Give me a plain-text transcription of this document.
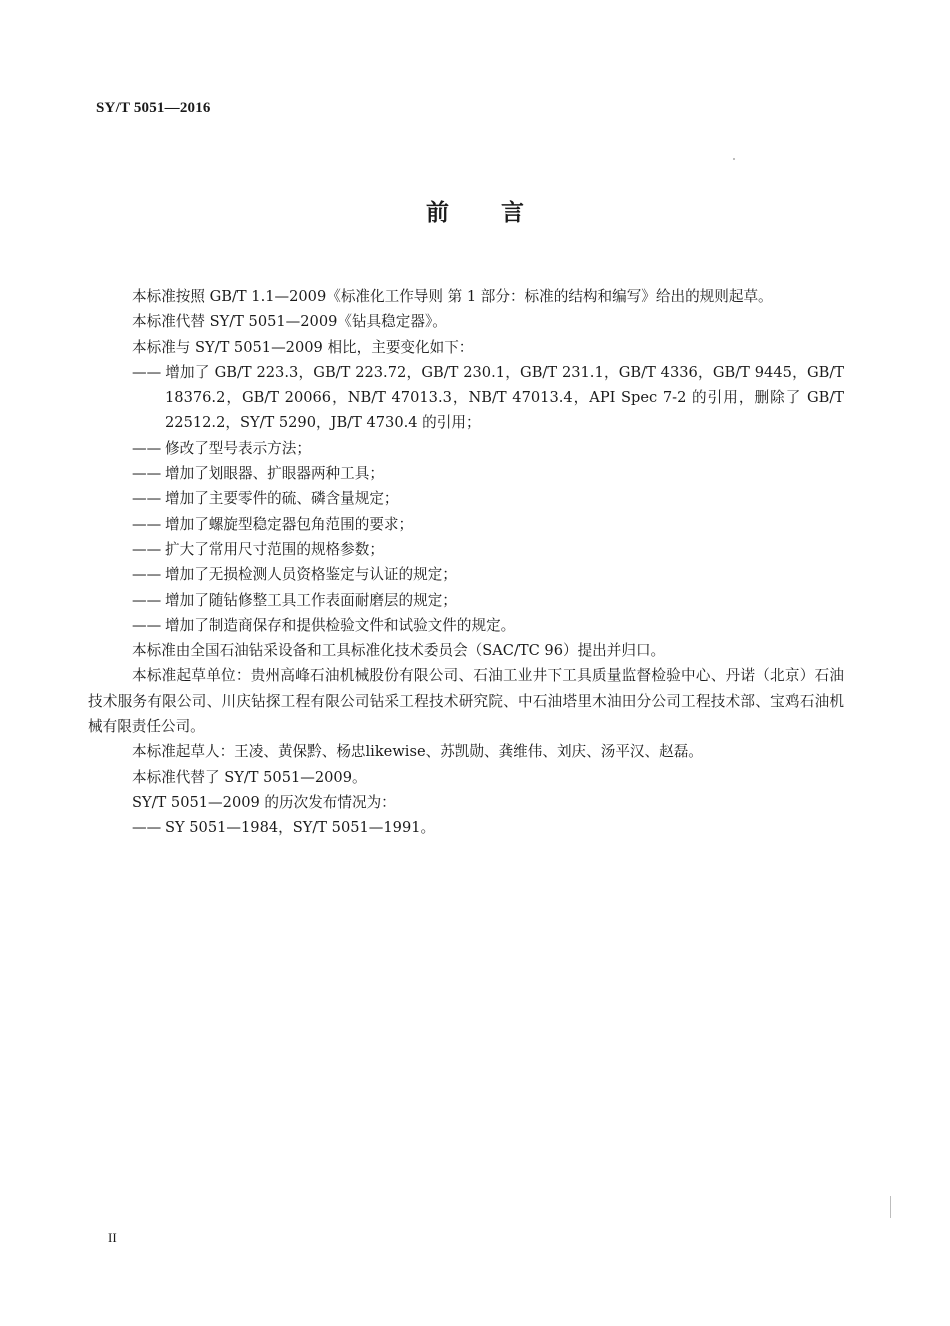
SY/T 5051—2016
前言

本标准按照 GB/T 1.1—2009《标准化工作导则 第 1 部分：标准的结构和编写》给出的规则起草。

本标准代替 SY/T 5051—2009《钻具稳定器》。

本标准与 SY/T 5051—2009 相比，主要变化如下：

—— 增加了 GB/T 223.3，GB/T 223.72，GB/T 230.1，GB/T 231.1，GB/T 4336，GB/T 9445，GB/T 18376.2，GB/T 20066，NB/T 47013.3，NB/T 47013.4，API Spec 7-2 的引用，删除了 GB/T 22512.2，SY/T 5290，JB/T 4730.4 的引用；

—— 修改了型号表示方法；

—— 增加了划眼器、扩眼器两种工具；

—— 增加了主要零件的硫、磷含量规定；

—— 增加了螺旋型稳定器包角范围的要求；

—— 扩大了常用尺寸范围的规格参数；

—— 增加了无损检测人员资格鉴定与认证的规定；

—— 增加了随钻修整工具工作表面耐磨层的规定；

—— 增加了制造商保存和提供检验文件和试验文件的规定。

本标准由全国石油钻采设备和工具标准化技术委员会（SAC/TC 96）提出并归口。

本标准起草单位：贵州高峰石油机械股份有限公司、石油工业井下工具质量监督检验中心、丹诺（北京）石油技术服务有限公司、川庆钻探工程有限公司钻采工程技术研究院、中石油塔里木油田分公司工程技术部、宝鸡石油机械有限责任公司。

本标准起草人：王凌、黄保黔、杨忠likewise、苏凯勋、龚维伟、刘庆、汤平汉、赵磊。

本标准代替了 SY/T 5051—2009。

SY/T 5051—2009 的历次发布情况为：

—— SY 5051—1984，SY/T 5051—1991。

II
